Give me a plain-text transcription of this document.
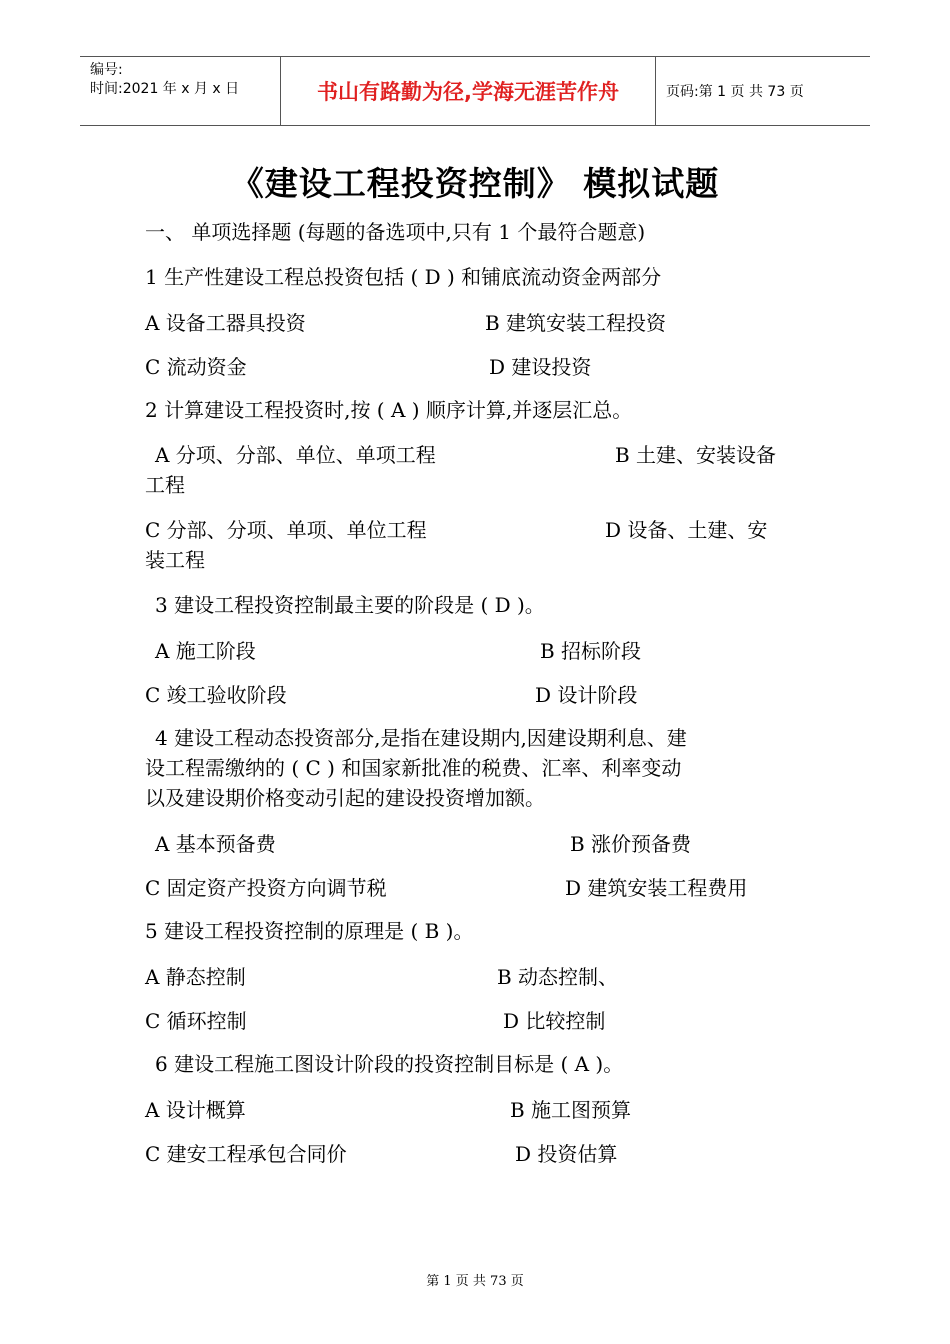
编号:
时间:2021 年 x 月 x 日	书山有路勤为径,学海无涯苦作舟	页码:第 1 页 共 73 页
《建设工程投资控制》 模拟试题
一、 单项选择题 (每题的备选项中,只有 1 个最符合题意)
1 生产性建设工程总投资包括 ( D ) 和铺底流动资金两部分
A 设备工器具投资	B 建筑安装工程投资
C 流动资金	D 建设投资
2 计算建设工程投资时,按 ( A ) 顺序计算,并逐层汇总。
A 分项、分部、单位、单项工程	B 土建、安装设备
工程
C 分部、分项、单项、单位工程	D 设备、土建、安
装工程
3 建设工程投资控制最主要的阶段是 ( D )。
A 施工阶段	B 招标阶段
C 竣工验收阶段	D 设计阶段
4 建设工程动态投资部分,是指在建设期内,因建设期利息、建
设工程需缴纳的 ( C ) 和国家新批准的税费、汇率、利率变动
以及建设期价格变动引起的建设投资增加额。
A 基本预备费	B 涨价预备费
C 固定资产投资方向调节税	D 建筑安装工程费用
5 建设工程投资控制的原理是 ( B )。
A 静态控制	B 动态控制、
C 循环控制	D 比较控制
6 建设工程施工图设计阶段的投资控制目标是 ( A )。
A 设计概算	B 施工图预算
C 建安工程承包合同价	D 投资估算
第 1 页 共 73 页
